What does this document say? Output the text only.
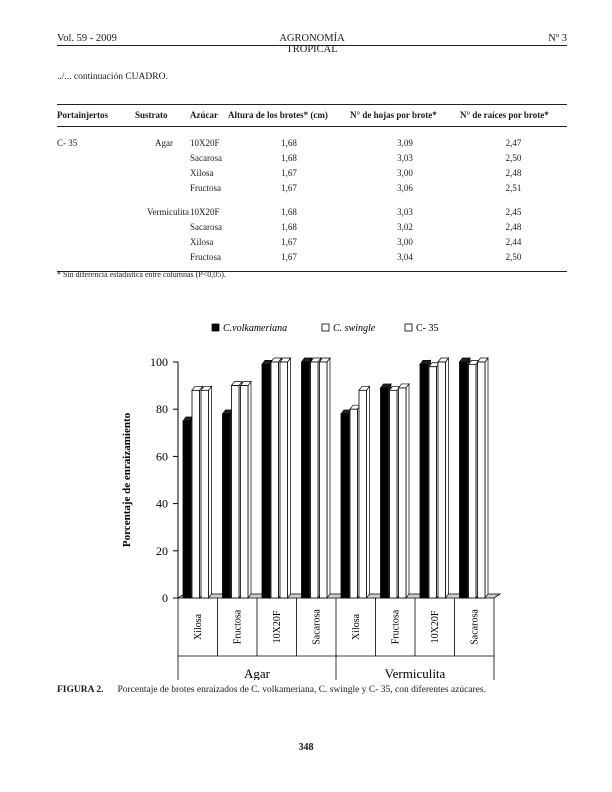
Vol. 59 - 2009	AGRONOMÍA TROPICAL
Nº 3
../... continuación CUADRO.
Portainjertos	Sustrato	Azúcar	Altura de los brotes* (cm)	N° de hojas por brote*	N° de raíces por brote*

C- 35	Agar	10X20F	1,68	3,09	2,47
		Sacarosa	1,68	3,03	2,50
		Xilosa	1,67	3,00	2,48
		Fructosa	1,67	3,06	2,51

	Vermiculita	10X20F	1,68	3,03	2,45
		Sacarosa	1,68	3,02	2,48
		Xilosa	1,67	3,00	2,44
		Fructosa	1,67	3,04	2,50
* Sin diferencia estadística entre columnas (P<0,05).
C.volkameriana	C. swingle	C- 35
0
20
40
60
80
100
Porcentaje de enraizamiento
Xilosa	Fructosa	10X20F	Sacarosa
Agar
Xilosa	Fructosa	10X20F	Sacarosa
Vermiculita
FIGURA 2. Porcentaje de brotes enraizados de C. volkameriana, C. swingle y C- 35, con diferentes azúcares.
348
